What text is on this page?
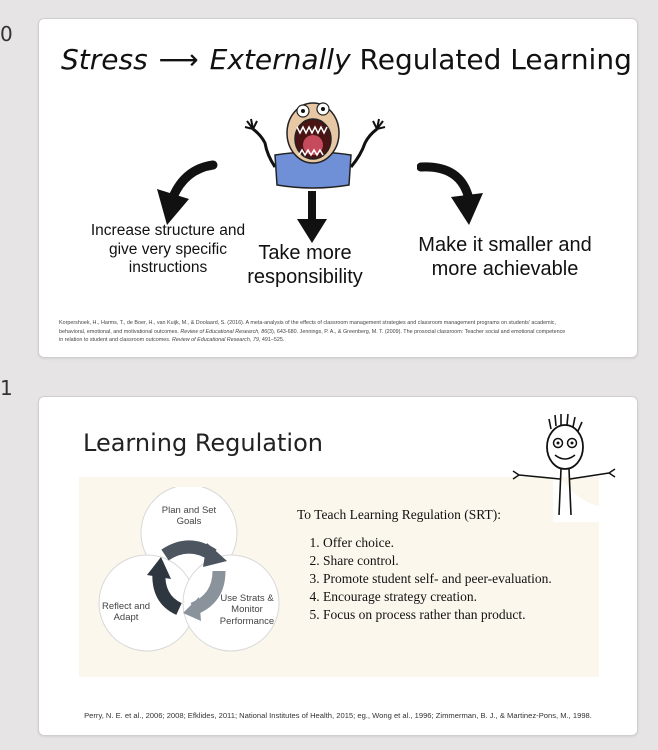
0
Stress ⟶ Externally Regulated Learning
Increase structure and give very specific instructions
Take more responsibility
Make it smaller and more achievable
Korpershoek, H., Harms, T., de Boer, H., van Kuijk, M., & Doolaard, S. (2016). A meta-analysis of the effects of classroom management strategies and classroom management programs on students' academic,
behavioral, emotional, and motivational outcomes. Review of Educational Research, 86(3), 643-680. Jennings, P. A., & Greenberg, M. T. (2009). The prosocial classroom: Teacher social and emotional competence
in relation to student and classroom outcomes. Review of Educational Research, 79, 491–525.
1
Learning Regulation
Plan and Set Goals
Use Strats & Monitor Performance
Reflect and Adapt
To Teach Learning Regulation (SRT):
1. Offer choice.
2. Share control.
3. Promote student self- and peer-evaluation.
4. Encourage strategy creation.
5. Focus on process rather than product.
Perry, N. E. et al., 2006; 2008; Efklides, 2011; National Institutes of Health, 2015; eg., Wong et al., 1996; Zimmerman, B. J., & Martinez-Pons, M., 1998.
